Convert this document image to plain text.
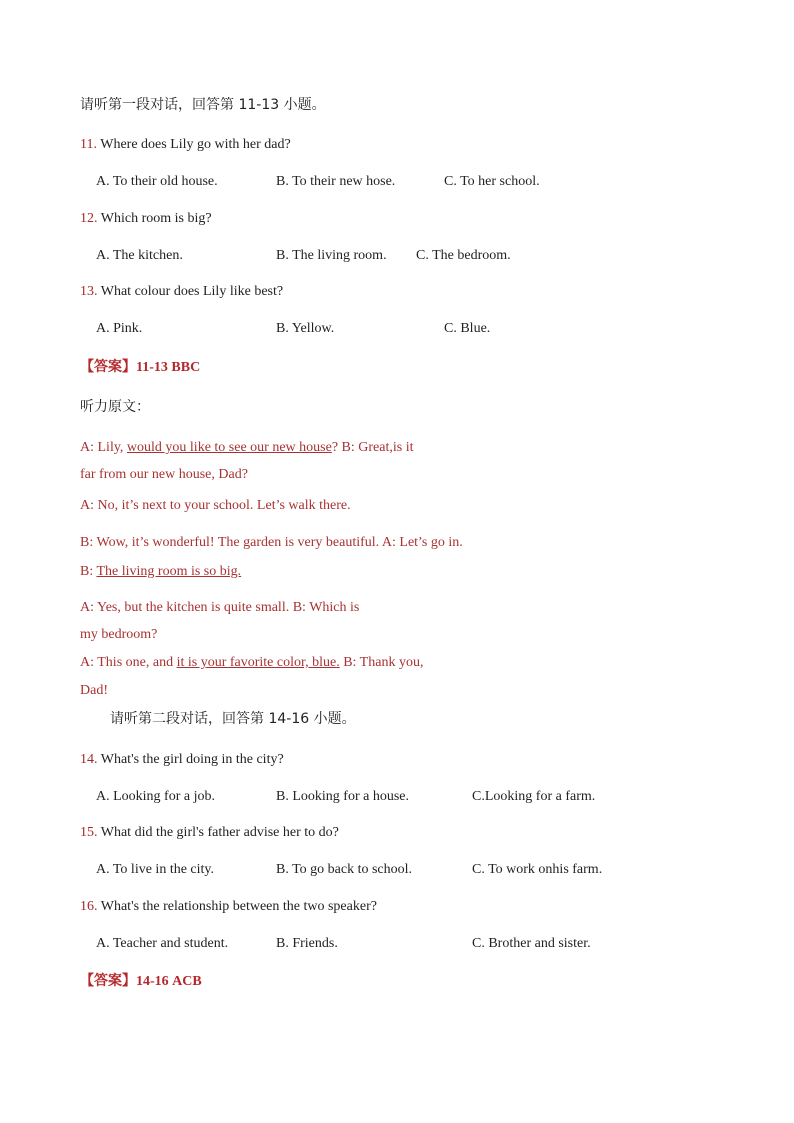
请听第一段对话，回答第 11-13 小题。
11. Where does Lily go with her dad?
A. To their old house.	B. To their new hose.	C. To her school.
12. Which room is big?
A. The kitchen.	B. The living room. C. The bedroom.
13. What colour does Lily like best?
A. Pink.	B. Yellow.	C. Blue.
【答案】11-13 BBC
听力原文：
A: Lily, would you like to see our new house? B: Great,is it
far from our new house, Dad?
A: No, it’s next to your school. Let’s walk there.
B: Wow, it’s wonderful! The garden is very beautiful. A: Let’s go in.
B: The living room is so big.
A: Yes, but the kitchen is quite small. B: Which is
my bedroom?
A: This one, and it is your favorite color, blue. B: Thank you,
Dad!
请听第二段对话，回答第 14-16 小题。
14. What's the girl doing in the city?
A. Looking for a job.	B. Looking for a house.	C.Looking for a farm.
15. What did the girl's father advise her to do?
A. To live in the city.	B. To go back to school.	C. To work onhis farm.
16. What's the relationship between the two speaker?
A. Teacher and student.	B. Friends.	C. Brother and sister.
【答案】14-16 ACB
